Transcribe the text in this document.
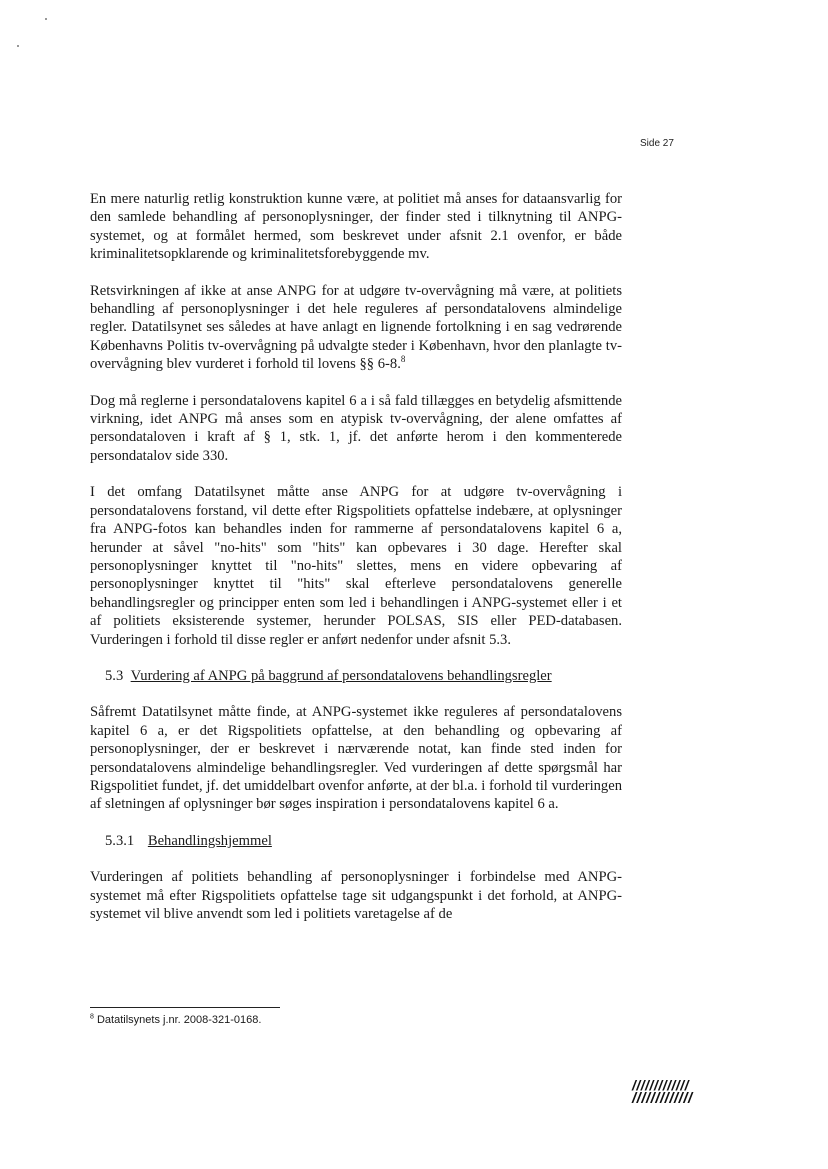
Side 27

En mere naturlig retlig konstruktion kunne være, at politiet må anses for dataansvarlig for den samlede behandling af personoplysninger, der finder sted i tilknytning til ANPG-systemet, og at formålet hermed, som beskrevet under afsnit 2.1 ovenfor, er både kriminalitetsopklarende og kriminalitetsforebyggende mv.

Retsvirkningen af ikke at anse ANPG for at udgøre tv-overvågning må være, at politiets behandling af personoplysninger i det hele reguleres af persondatalovens almindelige regler. Datatilsynet ses således at have anlagt en lignende fortolkning i en sag vedrørende Københavns Politis tv-overvågning på udvalgte steder i København, hvor den planlagte tv-overvågning blev vurderet i forhold til lovens §§ 6-8.$^8$

Dog må reglerne i persondatalovens kapitel 6 a i så fald tillægges en betydelig afsmittende virkning, idet ANPG må anses som en atypisk tv-overvågning, der alene omfattes af persondataloven i kraft af § 1, stk. 1, jf. det anførte herom i den kommenterede persondatalov side 330.

I det omfang Datatilsynet måtte anse ANPG for at udgøre tv-overvågning i persondatalovens forstand, vil dette efter Rigspolitiets opfattelse indebære, at oplysninger fra ANPG-fotos kan behandles inden for rammerne af persondatalovens kapitel 6 a, herunder at såvel "no-hits" som "hits" kan opbevares i 30 dage. Herefter skal personoplysninger knyttet til "no-hits" slettes, mens en videre opbevaring af personoplysninger knyttet til "hits" skal efterleve persondatalovens generelle behandlingsregler og principper enten som led i behandlingen i ANPG-systemet eller i et af politiets eksisterende systemer, herunder POLSAS, SIS eller PED-databasen. Vurderingen i forhold til disse regler er anført nedenfor under afsnit 5.3.

5.3 Vurdering af ANPG på baggrund af persondatalovens behandlingsregler

Såfremt Datatilsynet måtte finde, at ANPG-systemet ikke reguleres af persondatalovens kapitel 6 a, er det Rigspolitiets opfattelse, at den behandling og opbevaring af personoplysninger, der er beskrevet i nærværende notat, kan finde sted inden for persondatalovens almindelige behandlingsregler. Ved vurderingen af dette spørgsmål har Rigspolitiet fundet, jf. det umiddelbart ovenfor anførte, at der bl.a. i forhold til vurderingen af sletningen af oplysninger bør søges inspiration i persondatalovens kapitel 6 a.

5.3.1 Behandlingshjemmel

Vurderingen af politiets behandling af personoplysninger i forbindelse med ANPG-systemet må efter Rigspolitiets opfattelse tage sit udgangspunkt i det forhold, at ANPG-systemet vil blive anvendt som led i politiets varetagelse af de

$^8$ Datatilsynets j.nr. 2008-321-0168.
/////////////
/////////////
